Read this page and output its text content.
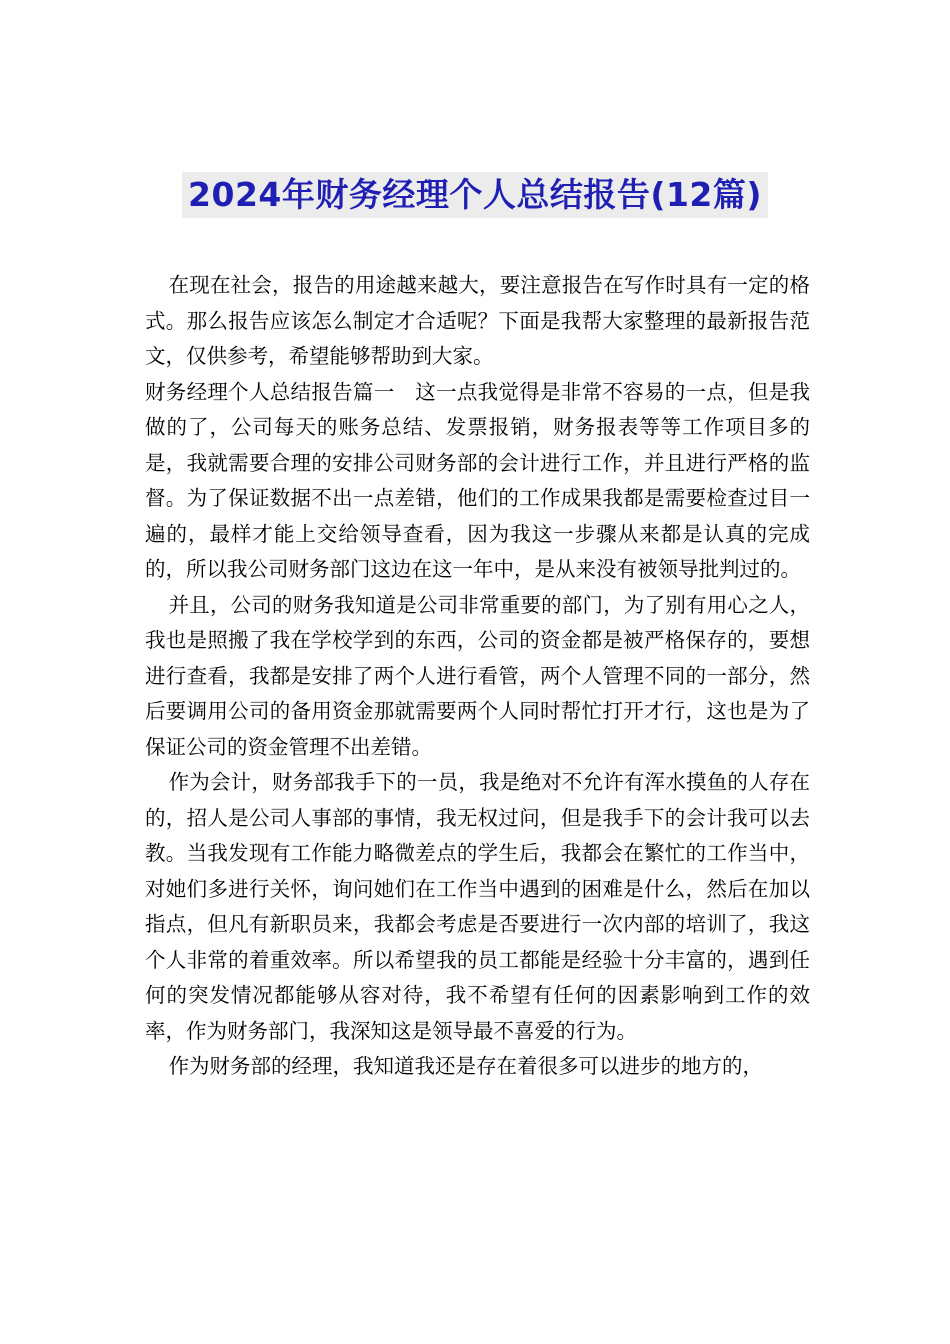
2024年财务经理个人总结报告(12篇)

在现在社会，报告的用途越来越大，要注意报告在写作时具有一定的格式。那么报告应该怎么制定才合适呢？下面是我帮大家整理的最新报告范文，仅供参考，希望能够帮助到大家。

财务经理个人总结报告篇一　这一点我觉得是非常不容易的一点，但是我做的了，公司每天的账务总结、发票报销，财务报表等等工作项目多的是，我就需要合理的安排公司财务部的会计进行工作，并且进行严格的监督。为了保证数据不出一点差错，他们的工作成果我都是需要检查过目一遍的，最样才能上交给领导查看，因为我这一步骤从来都是认真的完成的，所以我公司财务部门这边在这一年中，是从来没有被领导批判过的。

并且，公司的财务我知道是公司非常重要的部门，为了别有用心之人，我也是照搬了我在学校学到的东西，公司的资金都是被严格保存的，要想进行查看，我都是安排了两个人进行看管，两个人管理不同的一部分，然后要调用公司的备用资金那就需要两个人同时帮忙打开才行，这也是为了保证公司的资金管理不出差错。

作为会计，财务部我手下的一员，我是绝对不允许有浑水摸鱼的人存在的，招人是公司人事部的事情，我无权过问，但是我手下的会计我可以去教。当我发现有工作能力略微差点的学生后，我都会在繁忙的工作当中，对她们多进行关怀，询问她们在工作当中遇到的困难是什么，然后在加以指点，但凡有新职员来，我都会考虑是否要进行一次内部的培训了，我这个人非常的着重效率。所以希望我的员工都能是经验十分丰富的，遇到任何的突发情况都能够从容对待，我不希望有任何的因素影响到工作的效率，作为财务部门，我深知这是领导最不喜爱的行为。

作为财务部的经理，我知道我还是存在着很多可以进步的地方的，
